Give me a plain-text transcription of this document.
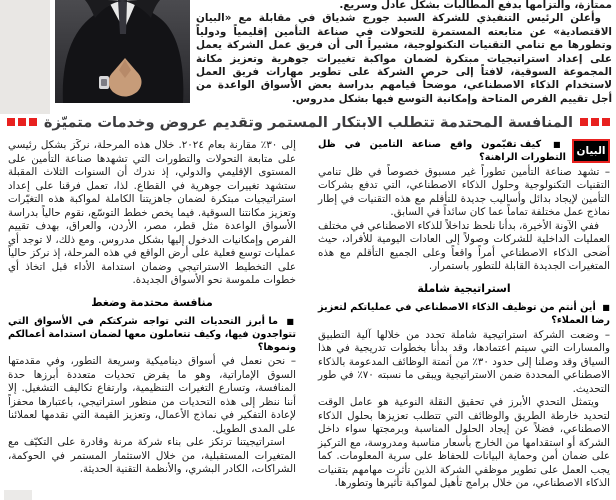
ممتازة، والتزامها بدفع المطالبات بشكل عادل وسريع.

وأعلن الرئيس التنفيذي للشركة السيد جورج شدياق في مقابلة مع «البيان الاقتصادية» عن متابعته المستمرة للتحولات في صناعة التأمين إقليمياً ودولياً وتطورها مع تنامي التقنيات التكنولوجية، مشيراً الى أن فريق عمل الشركة يعمل على إعداد استراتيجيات مبتكرة لضمان مواكبة تغييرات جوهرية وتعزيز مكانة المجموعة السوقية، لافتاً إلى حرص الشركة على تطوير مهارات فريق العمل لاستخدام الذكاء الاصطناعي، موضحاً قيامهم بدراسة بعض الأسواق الواعدة من أجل تقييم الفرص المتاحة وإمكانية التوسع فيها بشكل مدروس.

المنافسة المحتدمة تتطلب الابتكار المستمر وتقديم عروض وخدمات متميّزة
البيان

■ كيف تقيّمون واقع صناعة التأمين في ظل التطورات الراهنة؟

– تشهد صناعة التأمين تطوراً غير مسبوق خصوصاً في ظل تنامي التقنيات التكنولوجية وحلول الذكاء الاصطناعي، التي تدفع بشركات التأمين لإيجاد بدائل وأساليب جديدة للتأقلم مع هذه التقنيات في إطار نماذج عمل مختلفة تماماً عما كان سائداً في السابق.

ففي الآونة الأخيرة، بدأنا نلحظ تداخلاً للذكاء الاصطناعي في مختلف العمليات الداخلية للشركات وصولاً إلى العادات اليومية للأفراد، حيث أضحى الذكاء الاصطناعي أمراً واقعاً وعلى الجميع التأقلم مع هذه المتغيرات الجديدة القابلة للتطور باستمرار.

استراتيجية شاملة

■ أين أنتم من توظيف الذكاء الاصطناعي في عملياتكم لتعزيز رضا العملاء؟

– وضعت الشركة استراتيجية شاملة تحدد من خلالها آلية التطبيق والمسارات التي سيتم اعتمادها، وقد بدأنا بخطوات تدريجية في هذا السياق وقد وصلنا إلى حدود ٣٠٪ من أتمتة الوظائف المدعومة بالذكاء الاصطناعي المحددة ضمن الاستراتيجية ويبقى ما نسبته ٧٠٪ في طور التحديث.

ويتمثل التحدي الأبرز في تحقيق النقلة النوعية هو عامل الوقت لتحديد خارطة الطريق والوظائف التي تتطلب تعزيزها بحلول الذكاء الاصطناعي، فضلاً عن إيجاد الحلول المناسبة وبرمجتها سواء داخل الشركة أو استقدامها من الخارج بأسعار مناسبة ومدروسة، مع التركيز على ضمان أمن وحماية البيانات للحفاظ على سرية المعلومات. كما يجب العمل على تطوير موظفي الشركة الذين تأثرت مهامهم بتقنيات الذكاء الاصطناعي، من خلال برامج تأهيل لمواكبة تأثيرها وتطورها.

إلى ٣٠٪ مقارنة بعام ٢٠٢٤. خلال هذه المرحلة، نركّز بشكل رئيسي على متابعة التحولات والتطورات التي تشهدها صناعة التأمين على المستوى الإقليمي والدولي، إذ ندرك أن السنوات الثلاث المقبلة ستشهد تغييرات جوهرية في القطاع. لذا، تعمل فرقنا على إعداد استراتيجيات مبتكرة لضمان جاهزيتنا الكاملة لمواكبة هذه التغيّرات وتعزيز مكانتنا السوقية. فيما يخص خطط التوسّع، نقوم حالياً بدراسة الأسواق الواعدة مثل قطر، مصر، الأردن، والعراق، بهدف تقييم الفرص وإمكانيات الدخول إليها بشكل مدروس. ومع ذلك، لا توجد أي عمليات توسع فعلية على أرض الواقع في هذه المرحلة، إذ نركز حالياً على التخطيط الاستراتيجي وضمان استدامة الأداء قبل اتخاذ أي خطوات ملموسة نحو الأسواق الجديدة.

منافسة محتدمة وضغط

■ ما أبرز التحديات التي تواجه شركتكم في الأسواق التي تتواجدون فيها، وكيف تتعاملون معها لضمان استدامة أعمالكم ونموها؟

– نحن نعمل في أسواق ديناميكية وسريعة التطور، وفي مقدمتها السوق الإماراتية، وهو ما يفرض تحديات متعددة أبرزها حدة المنافسة، وتسارع التغيرات التنظيمية، وارتفاع تكاليف التشغيل. إلا أننا ننظر إلى هذه التحديات من منظور استراتيجي، باعتبارها محفزاً لإعادة التفكير في نماذج الأعمال، وتعزيز القيمة التي نقدمها لعملائنا على المدى الطويل.

استراتيجيتنا ترتكز على بناء شركة مرنة وقادرة على التكيّف مع المتغيرات المستقبلية، من خلال الاستثمار المستمر في الحوكمة، الشراكات، الكادر البشري، والأنظمة التقنية الحديثة.
